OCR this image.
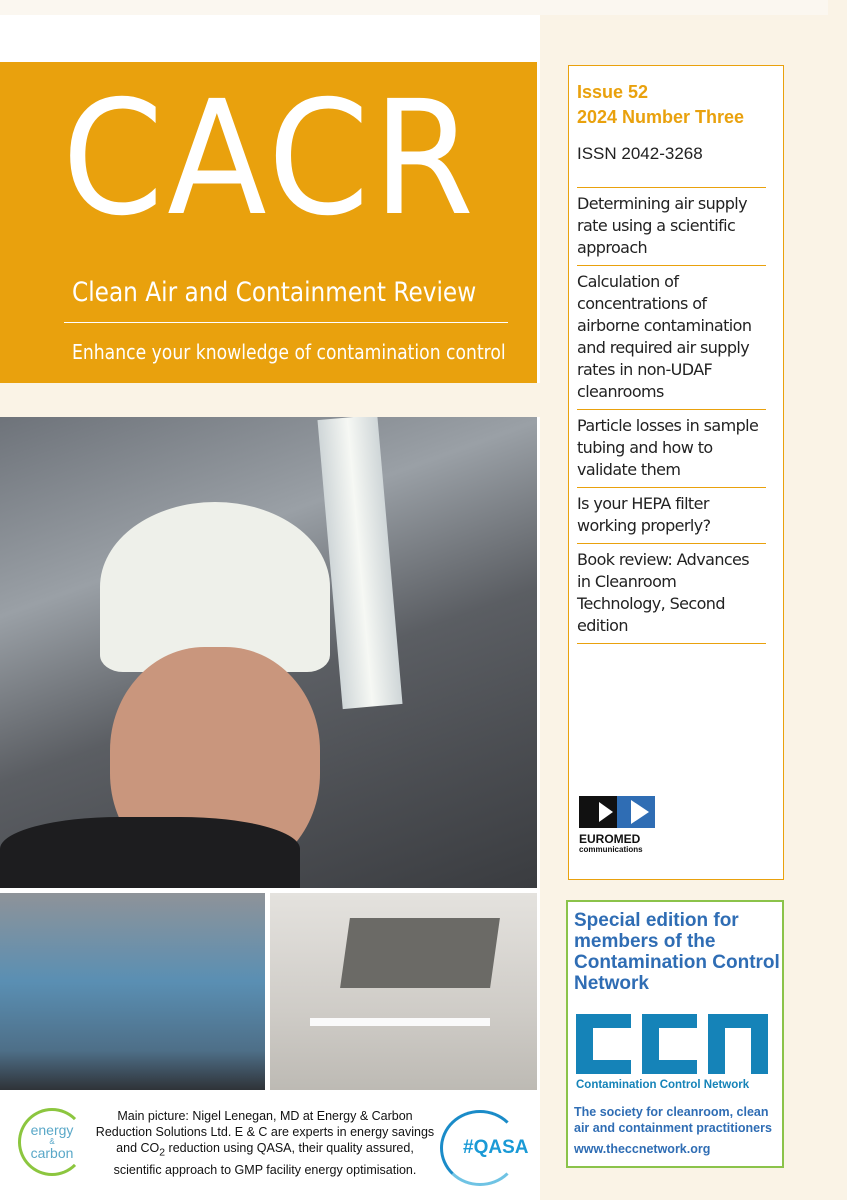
CACR
Clean Air and Containment Review
Enhance your knowledge of contamination control
Issue 52
2024 Number Three
ISSN 2042-3268
Determining air supply rate using a scientific approach
Calculation of concentrations of airborne contamination and required air supply rates in non-UDAF cleanrooms
Particle losses in sample tubing and how to validate them
Is your HEPA filter working properly?
Book review: Advances in Cleanroom Technology, Second edition
EUROMED
communications
energy
&
carbon
Main picture: Nigel Lenegan, MD at Energy & Carbon Reduction Solutions Ltd. E & C are experts in energy savings and $CO_2$ reduction using QASA, their quality assured, scientific approach to GMP facility energy optimisation.
#QASA
Special edition for members of the Contamination Control Network
Contamination Control Network
The society for cleanroom, clean air and containment practitioners
www.theccnetwork.org
